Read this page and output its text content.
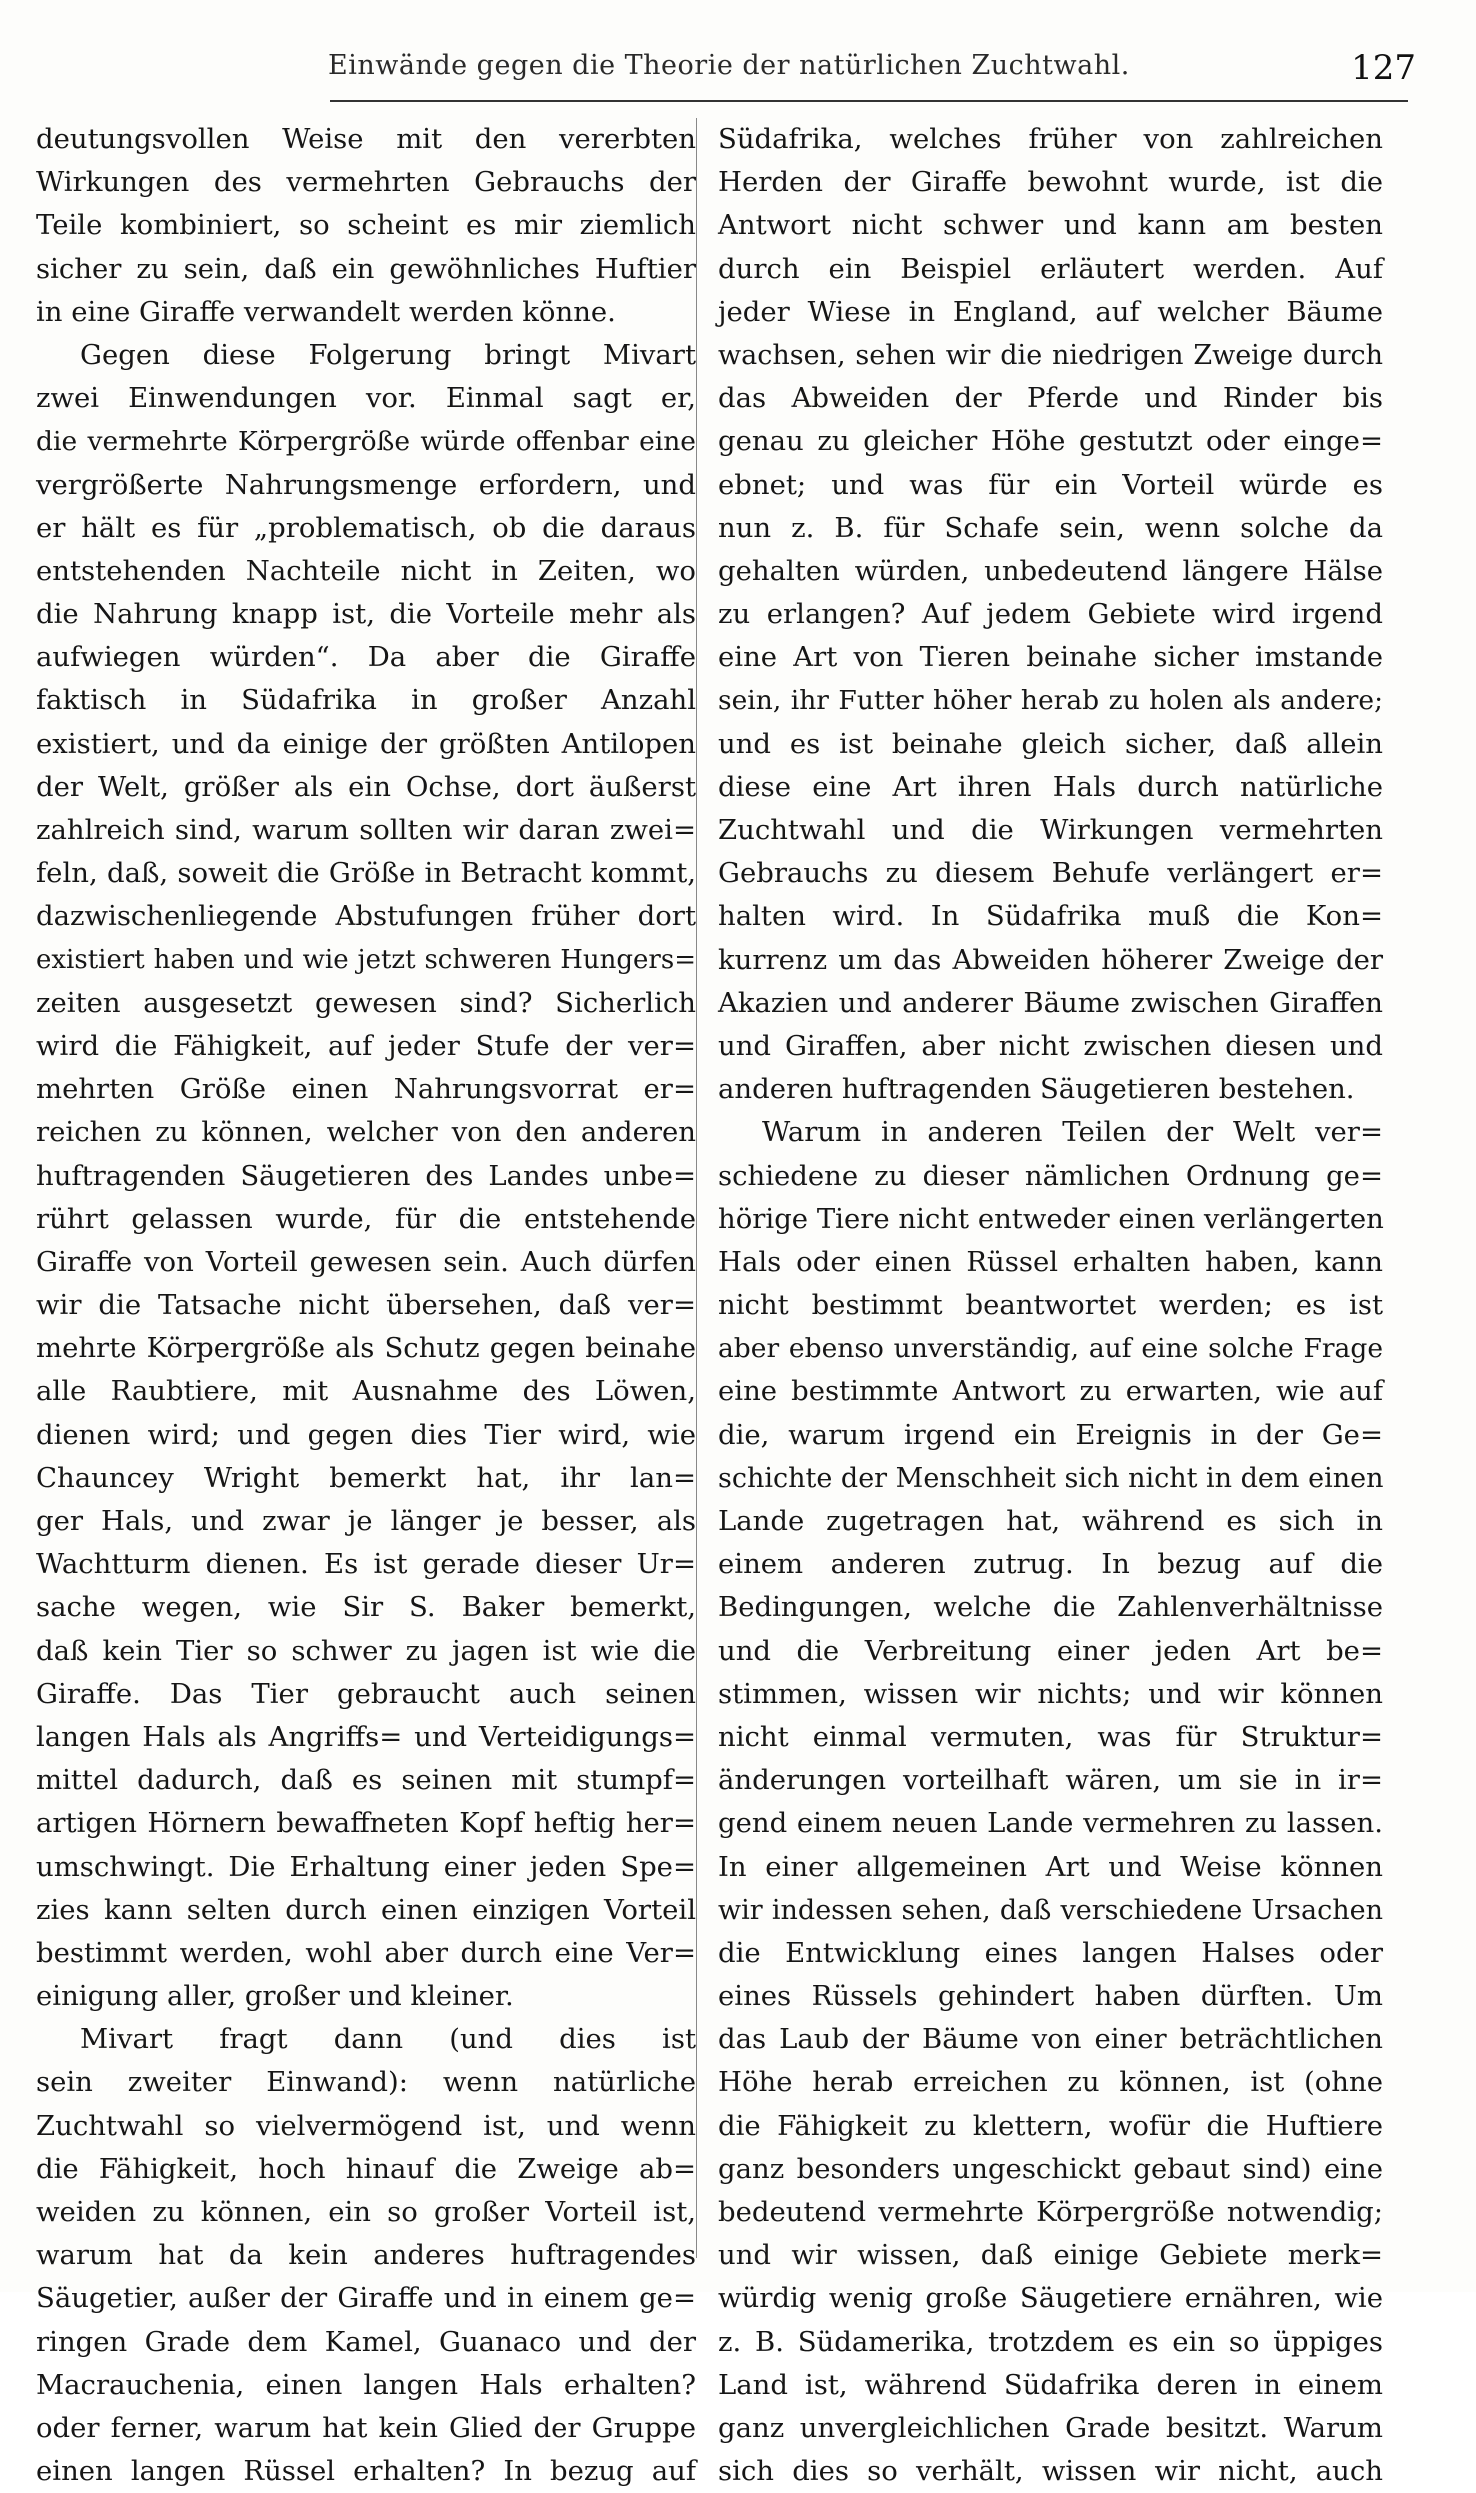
Einwände gegen die Theorie der natürlichen Zuchtwahl.	127
deutungsvollen Weise mit den vererbten
Wirkungen des vermehrten Gebrauchs der
Teile kombiniert, so scheint es mir ziemlich
sicher zu sein, daß ein gewöhnliches Huftier
in eine Giraffe verwandelt werden könne.
Gegen diese Folgerung bringt Mivart
zwei Einwendungen vor. Einmal sagt er,
die vermehrte Körpergröße würde offenbar eine
vergrößerte Nahrungsmenge erfordern, und
er hält es für „problematisch, ob die daraus
entstehenden Nachteile nicht in Zeiten, wo
die Nahrung knapp ist, die Vorteile mehr als
aufwiegen würden“. Da aber die Giraffe
faktisch in Südafrika in großer Anzahl
existiert, und da einige der größten Antilopen
der Welt, größer als ein Ochse, dort äußerst
zahlreich sind, warum sollten wir daran zwei=
feln, daß, soweit die Größe in Betracht kommt,
dazwischenliegende Abstufungen früher dort
existiert haben und wie jetzt schweren Hungers=
zeiten ausgesetzt gewesen sind? Sicherlich
wird die Fähigkeit, auf jeder Stufe der ver=
mehrten Größe einen Nahrungsvorrat er=
reichen zu können, welcher von den anderen
huftragenden Säugetieren des Landes unbe=
rührt gelassen wurde, für die entstehende
Giraffe von Vorteil gewesen sein. Auch dürfen
wir die Tatsache nicht übersehen, daß ver=
mehrte Körpergröße als Schutz gegen beinahe
alle Raubtiere, mit Ausnahme des Löwen,
dienen wird; und gegen dies Tier wird, wie
Chauncey Wright bemerkt hat, ihr lan=
ger Hals, und zwar je länger je besser, als
Wachtturm dienen. Es ist gerade dieser Ur=
sache wegen, wie Sir S. Baker bemerkt,
daß kein Tier so schwer zu jagen ist wie die
Giraffe. Das Tier gebraucht auch seinen
langen Hals als Angriffs= und Verteidigungs=
mittel dadurch, daß es seinen mit stumpf=
artigen Hörnern bewaffneten Kopf heftig her=
umschwingt. Die Erhaltung einer jeden Spe=
zies kann selten durch einen einzigen Vorteil
bestimmt werden, wohl aber durch eine Ver=
einigung aller, großer und kleiner.
Mivart fragt dann (und dies ist
sein zweiter Einwand): wenn natürliche
Zuchtwahl so vielvermögend ist, und wenn
die Fähigkeit, hoch hinauf die Zweige ab=
weiden zu können, ein so großer Vorteil ist,
warum hat da kein anderes huftragendes
Säugetier, außer der Giraffe und in einem ge=
ringen Grade dem Kamel, Guanaco und der
Macrauchenia, einen langen Hals erhalten?
oder ferner, warum hat kein Glied der Gruppe
einen langen Rüssel erhalten? In bezug auf
Südafrika, welches früher von zahlreichen
Herden der Giraffe bewohnt wurde, ist die
Antwort nicht schwer und kann am besten
durch ein Beispiel erläutert werden. Auf
jeder Wiese in England, auf welcher Bäume
wachsen, sehen wir die niedrigen Zweige durch
das Abweiden der Pferde und Rinder bis
genau zu gleicher Höhe gestutzt oder einge=
ebnet; und was für ein Vorteil würde es
nun z. B. für Schafe sein, wenn solche da
gehalten würden, unbedeutend längere Hälse
zu erlangen? Auf jedem Gebiete wird irgend
eine Art von Tieren beinahe sicher imstande
sein, ihr Futter höher herab zu holen als andere;
und es ist beinahe gleich sicher, daß allein
diese eine Art ihren Hals durch natürliche
Zuchtwahl und die Wirkungen vermehrten
Gebrauchs zu diesem Behufe verlängert er=
halten wird. In Südafrika muß die Kon=
kurrenz um das Abweiden höherer Zweige der
Akazien und anderer Bäume zwischen Giraffen
und Giraffen, aber nicht zwischen diesen und
anderen huftragenden Säugetieren bestehen.
Warum in anderen Teilen der Welt ver=
schiedene zu dieser nämlichen Ordnung ge=
hörige Tiere nicht entweder einen verlängerten
Hals oder einen Rüssel erhalten haben, kann
nicht bestimmt beantwortet werden; es ist
aber ebenso unverständig, auf eine solche Frage
eine bestimmte Antwort zu erwarten, wie auf
die, warum irgend ein Ereignis in der Ge=
schichte der Menschheit sich nicht in dem einen
Lande zugetragen hat, während es sich in
einem anderen zutrug. In bezug auf die
Bedingungen, welche die Zahlenverhältnisse
und die Verbreitung einer jeden Art be=
stimmen, wissen wir nichts; und wir können
nicht einmal vermuten, was für Struktur=
änderungen vorteilhaft wären, um sie in ir=
gend einem neuen Lande vermehren zu lassen.
In einer allgemeinen Art und Weise können
wir indessen sehen, daß verschiedene Ursachen
die Entwicklung eines langen Halses oder
eines Rüssels gehindert haben dürften. Um
das Laub der Bäume von einer beträchtlichen
Höhe herab erreichen zu können, ist (ohne
die Fähigkeit zu klettern, wofür die Huftiere
ganz besonders ungeschickt gebaut sind) eine
bedeutend vermehrte Körpergröße notwendig;
und wir wissen, daß einige Gebiete merk=
würdig wenig große Säugetiere ernähren, wie
z. B. Südamerika, trotzdem es ein so üppiges
Land ist, während Südafrika deren in einem
ganz unvergleichlichen Grade besitzt. Warum
sich dies so verhält, wissen wir nicht, auch
